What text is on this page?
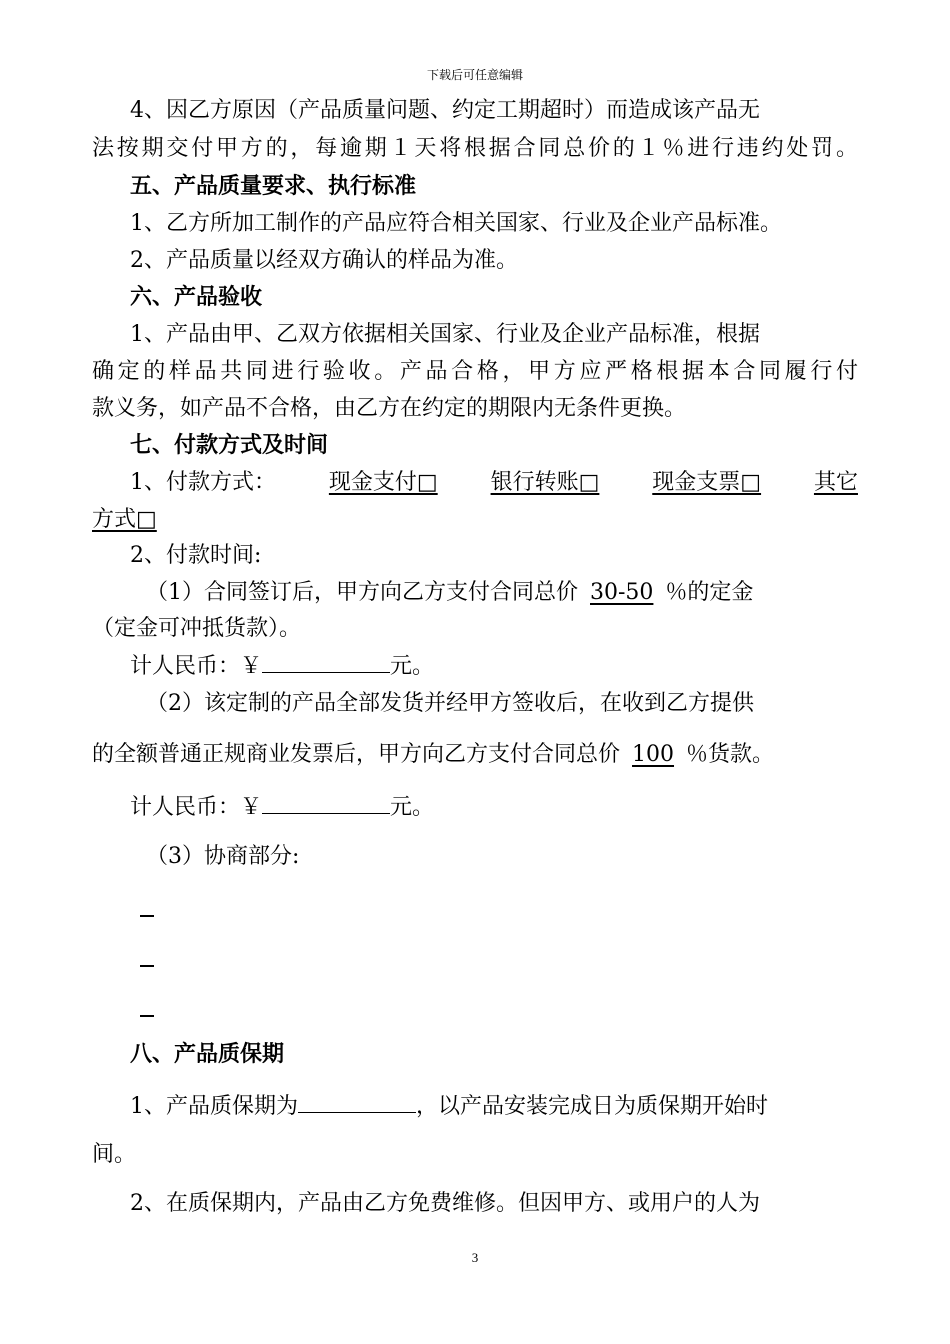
下载后可任意编辑
4、因乙方原因（产品质量问题、约定工期超时）而造成该产品无
法按期交付甲方的，每逾期１天将根据合同总价的１％进行违约处罚。
五、产品质量要求、执行标准
1、乙方所加工制作的产品应符合相关国家、行业及企业产品标准。
2、产品质量以经双方确认的样品为准。
六、产品验收
1、产品由甲、乙双方依据相关国家、行业及企业产品标准，根据
确定的样品共同进行验收。产品合格，甲方应严格根据本合同履行付
款义务，如产品不合格，由乙方在约定的期限内无条件更换。
七、付款方式及时间
1、付款方式： 现金支付□ 银行转账□ 现金支票□ 其它
方式□
2、付款时间:
（1）合同签订后，甲方向乙方支付合同总价 30-50 ％的定金
（定金可冲抵货款）。
计人民币：￥	元。
（2）该定制的产品全部发货并经甲方签收后，在收到乙方提供
的全额普通正规商业发票后，甲方向乙方支付合同总价 100 ％货款。
计人民币：￥	元。
（3）协商部分:
八、产品质保期
1、产品质保期为	，以产品安装完成日为质保期开始时
间。
2、在质保期内，产品由乙方免费维修。但因甲方、或用户的人为
3
